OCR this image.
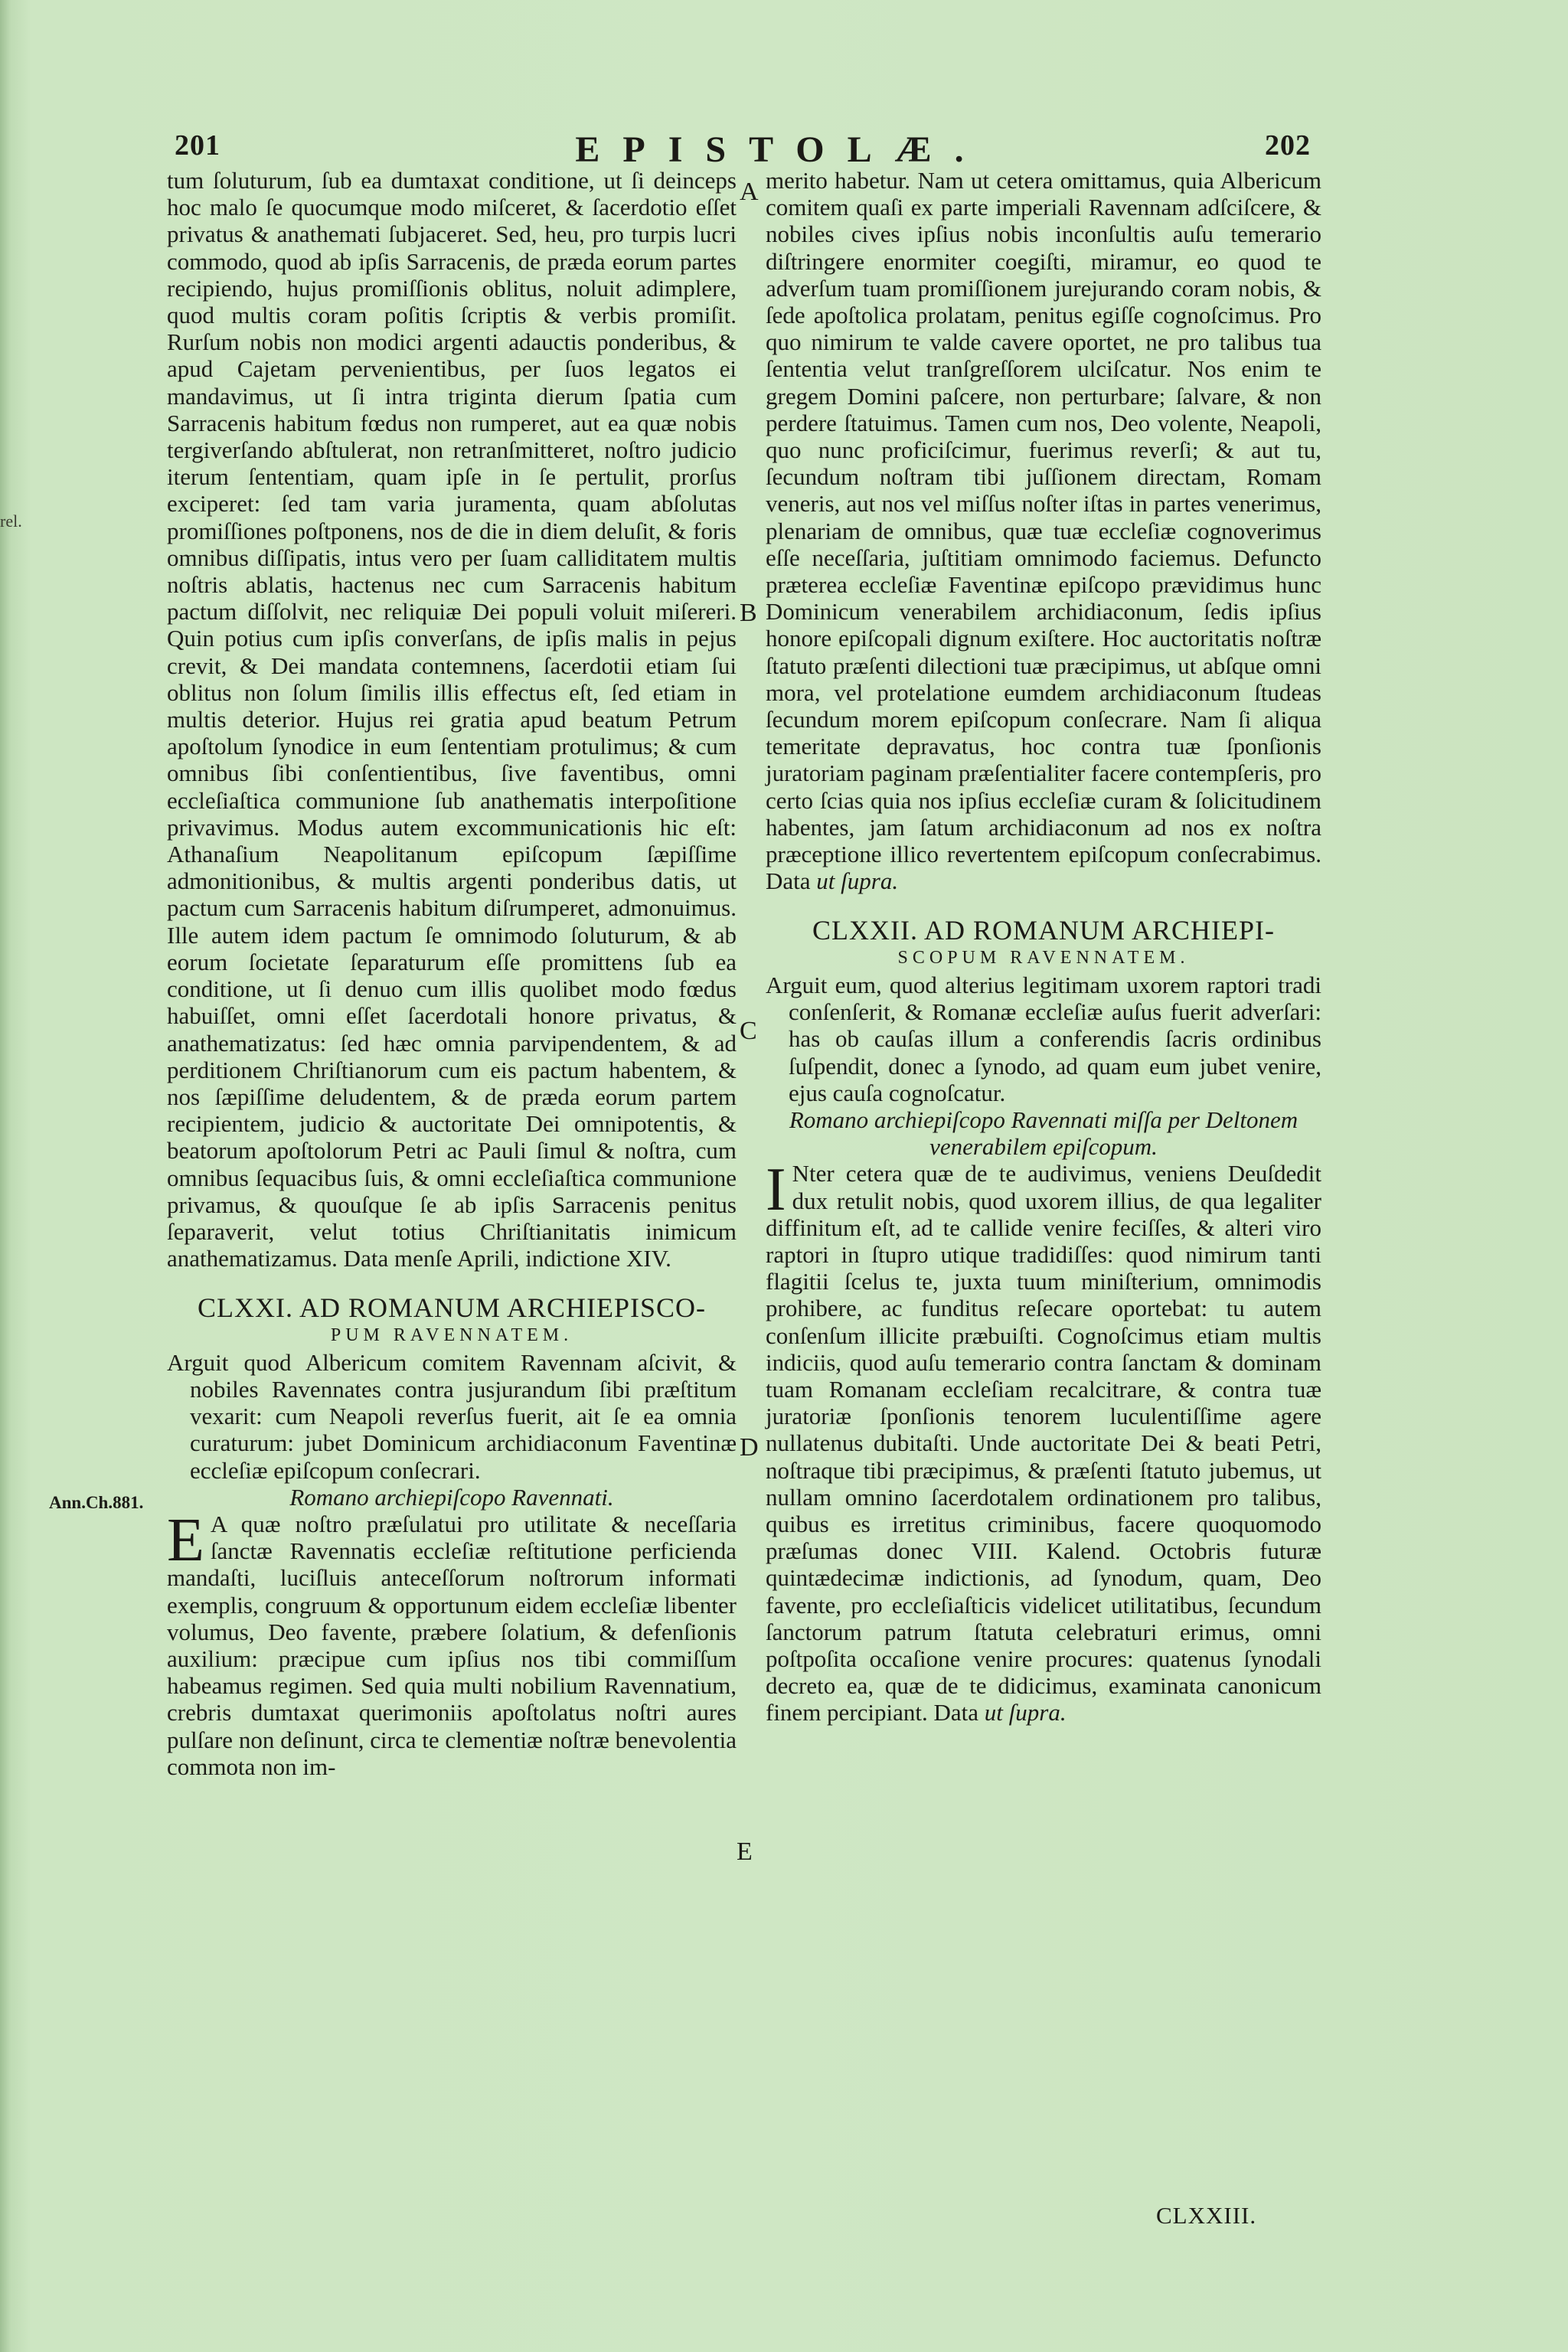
rel.
201	EPISTOLÆ.	202

tum ſoluturum, ſub ea dumtaxat conditione, ut ſi deinceps hoc malo ſe quocumque modo miſceret, & ſacerdotio eſſet privatus & anathemati ſubjaceret. Sed, heu, pro turpis lucri commodo, quod ab ipſis Sarracenis, de præda eorum partes recipiendo, hujus promiſſionis oblitus, noluit adimplere, quod multis coram poſitis ſcriptis & verbis promiſit. Rurſum nobis non modici argenti adauctis ponderibus, & apud Cajetam pervenientibus, per ſuos legatos ei mandavimus, ut ſi intra triginta dierum ſpatia cum Sarracenis habitum fœdus non rumperet, aut ea quæ nobis tergiverſando abſtulerat, non retranſmitteret, noſtro judicio iterum ſententiam, quam ipſe in ſe pertulit, prorſus exciperet: ſed tam varia juramenta, quam abſolutas promiſſiones poſtponens, nos de die in diem deluſit, & foris omnibus diſſipatis, intus vero per ſuam calliditatem multis noſtris ablatis, hactenus nec cum Sarracenis habitum pactum diſſolvit, nec reliquiæ Dei populi voluit miſereri. Quin potius cum ipſis converſans, de ipſis malis in pejus crevit, & Dei mandata contemnens, ſacerdotii etiam ſui oblitus non ſolum ſimilis illis effectus eſt, ſed etiam in multis deterior. Hujus rei gratia apud beatum Petrum apoſtolum ſynodice in eum ſententiam protulimus; & cum omnibus ſibi conſentientibus, ſive faventibus, omni eccleſiaſtica communione ſub anathematis interpoſitione privavimus. Modus autem excommunicationis hic eſt: Athanaſium Neapolitanum epiſcopum ſæpiſſime admonitionibus, & multis argenti ponderibus datis, ut pactum cum Sarracenis habitum diſrumperet, admonuimus. Ille autem idem pactum ſe omnimodo ſoluturum, & ab eorum ſocietate ſeparaturum eſſe promittens ſub ea conditione, ut ſi denuo cum illis quolibet modo fœdus habuiſſet, omni eſſet ſacerdotali honore privatus, & anathematizatus: ſed hæc omnia parvipendentem, & ad perditionem Chriſtianorum cum eis pactum habentem, & nos ſæpiſſime deludentem, & de præda eorum partem recipientem, judicio & auctoritate Dei omnipotentis, & beatorum apoſtolorum Petri ac Pauli ſimul & noſtra, cum omnibus ſequacibus ſuis, & omni eccleſiaſtica communione privamus, & quouſque ſe ab ipſis Sarracenis penitus ſeparaverit, velut totius Chriſtianitatis inimicum anathematizamus. Data menſe Aprili, indictione XIV.

CLXXI. AD ROMANUM ARCHIEPISCO-

PUM RAVENNATEM.

Arguit quod Albericum comitem Ravennam aſcivit, & nobiles Ravennates contra jusjurandum ſibi præſtitum vexarit: cum Neapoli reverſus fuerit, ait ſe ea omnia curaturum: jubet Dominicum archidiaconum Faventinæ eccleſiæ epiſcopum conſecrari.

Romano archiepiſcopo Ravennati.

E A quæ noſtro præſulatui pro utilitate & neceſſaria ſanctæ Ravennatis eccleſiæ reſtitutione perficienda mandaſti, luciſluis anteceſſorum noſtrorum informati exemplis, congruum & opportunum eidem eccleſiæ libenter volumus, Deo favente, præbere ſolatium, & defenſionis auxilium: præcipue cum ipſius nos tibi commiſſum habeamus regimen. Sed quia multi nobilium Ravennatium, crebris dumtaxat querimoniis apoſtolatus noſtri aures pulſare non deſinunt, circa te clementiæ noſtræ benevolentia commota non im-

merito habetur. Nam ut cetera omittamus, quia Albericum comitem quaſi ex parte imperiali Ravennam adſciſcere, & nobiles cives ipſius nobis inconſultis auſu temerario diſtringere enormiter coegiſti, miramur, eo quod te adverſum tuam promiſſionem jurejurando coram nobis, & ſede apoſtolica prolatam, penitus egiſſe cognoſcimus. Pro quo nimirum te valde cavere oportet, ne pro talibus tua ſententia velut tranſgreſſorem ulciſcatur. Nos enim te gregem Domini paſcere, non perturbare; ſalvare, & non perdere ſtatuimus. Tamen cum nos, Deo volente, Neapoli, quo nunc proficiſcimur, fuerimus reverſi; & aut tu, ſecundum noſtram tibi juſſionem directam, Romam veneris, aut nos vel miſſus noſter iſtas in partes venerimus, plenariam de omnibus, quæ tuæ eccleſiæ cognoverimus eſſe neceſſaria, juſtitiam omnimodo faciemus. Defuncto præterea eccleſiæ Faventinæ epiſcopo prævidimus hunc Dominicum venerabilem archidiaconum, ſedis ipſius honore epiſcopali dignum exiſtere. Hoc auctoritatis noſtræ ſtatuto præſenti dilectioni tuæ præcipimus, ut abſque omni mora, vel protelatione eumdem archidiaconum ſtudeas ſecundum morem epiſcopum conſecrare. Nam ſi aliqua temeritate depravatus, hoc contra tuæ ſponſionis juratoriam paginam præſentialiter facere contempſeris, pro certo ſcias quia nos ipſius eccleſiæ curam & ſolicitudinem habentes, jam ſatum archidiaconum ad nos ex noſtra præceptione illico revertentem epiſcopum conſecrabimus. Data ut ſupra.

CLXXII. AD ROMANUM ARCHIEPI-

SCOPUM RAVENNATEM.

Arguit eum, quod alterius legitimam uxorem raptori tradi conſenſerit, & Romanæ eccleſiæ auſus fuerit adverſari: has ob cauſas illum a conferendis ſacris ordinibus ſuſpendit, donec a ſynodo, ad quam eum jubet venire, ejus cauſa cognoſcatur.

Romano archiepiſcopo Ravennati miſſa per Deltonem venerabilem epiſcopum.

I Nter cetera quæ de te audivimus, veniens Deuſdedit dux retulit nobis, quod uxorem illius, de qua legaliter diffinitum eſt, ad te callide venire feciſſes, & alteri viro raptori in ſtupro utique tradidiſſes: quod nimirum tanti flagitii ſcelus te, juxta tuum miniſterium, omnimodis prohibere, ac funditus reſecare oportebat: tu autem conſenſum illicite præbuiſti. Cognoſcimus etiam multis indiciis, quod auſu temerario contra ſanctam & dominam tuam Romanam eccleſiam recalcitrare, & contra tuæ juratoriæ ſponſionis tenorem luculentiſſime agere nullatenus dubitaſti. Unde auctoritate Dei & beati Petri, noſtraque tibi præcipimus, & præſenti ſtatuto jubemus, ut nullam omnino ſacerdotalem ordinationem pro talibus, quibus es irretitus criminibus, facere quoquomodo præſumas donec VIII. Kalend. Octobris futuræ quintædecimæ indictionis, ad ſynodum, quam, Deo favente, pro eccleſiaſticis videlicet utilitatibus, ſecundum ſanctorum patrum ſtatuta celebraturi erimus, omni poſtpoſita occaſione venire procures: quatenus ſynodali decreto ea, quæ de te didicimus, examinata canonicum finem percipiant. Data ut ſupra.

A
B
C
D
E
Ann.Ch.881.
CLXXIII.
